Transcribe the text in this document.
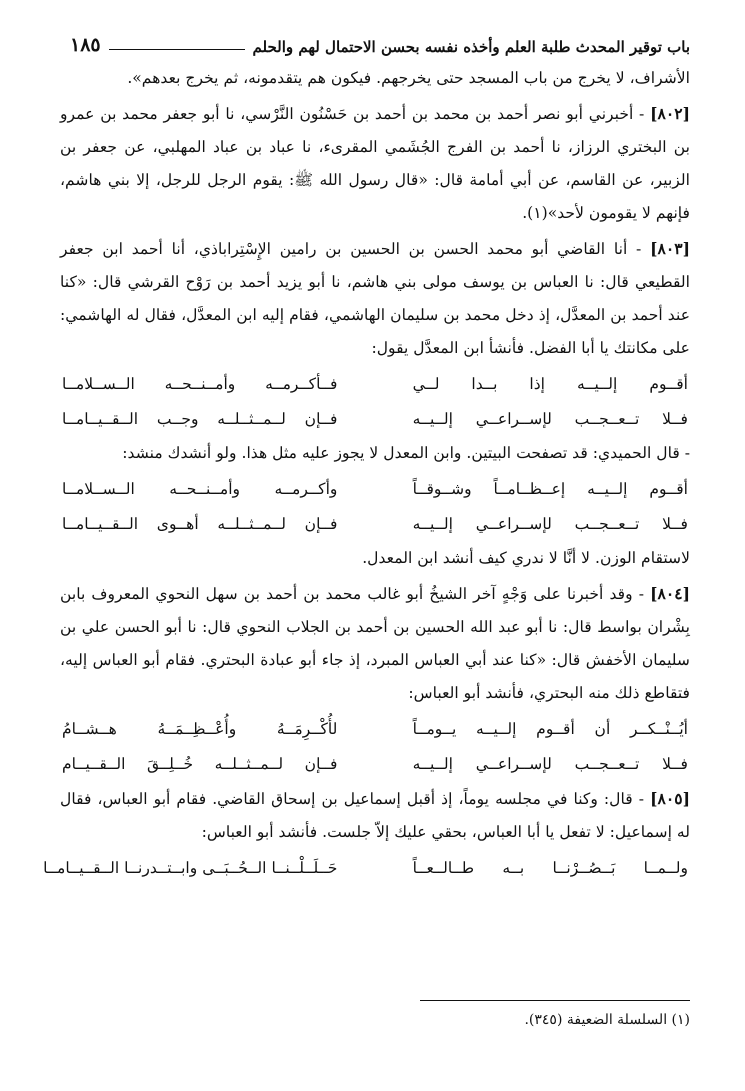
باب توقير المحدث طلبة العلم وأخذه نفسه بحسن الاحتمال لهم والحلم
١٨٥

الأشراف، لا يخرج من باب المسجد حتى يخرجهم. فيكون هم يتقدمونه، ثم يخرج بعدهم».

[٨٠٢] - أخبرني أبو نصر أحمد بن محمد بن أحمد بن حَسْنُون النَّرْسي، نا أبو جعفر محمد بن عمرو بن البختري الرزاز، نا أحمد بن الفرج الجُشَمي المقرىء، نا عباد بن عباد المهلبي، عن جعفر بن الزبير، عن القاسم، عن أبي أمامة قال: «قال رسول الله ﷺ: يقوم الرجل للرجل، إلا بني هاشم، فإنهم لا يقومون لأحد»(١).

[٨٠٣] - أنا القاضي أبو محمد الحسن بن الحسين بن رامين الإِسْتِراباذي، أنا أحمد ابن جعفر القطيعي قال: نا العباس بن يوسف مولى بني هاشم، نا أبو يزيد أحمد بن رَوْح القرشي قال: «كنا عند أحمد بن المعدَّل، إذ دخل محمد بن سليمان الهاشمي، فقام إليه ابن المعدَّل، فقال له الهاشمي: على مكانتك يا أبا الفضل. فأنشأ ابن المعدَّل يقول:

أقــوم إلــيــه إذا بــدا لــي
فــأكــرمــه وأمــنــحــه الــســلامــا
فــلا تــعــجــب لإســراعــي إلــيــه
فــإن لــمــثــلــه وجــب الــقــيــامــا

- قال الحميدي: قد تصفحت البيتين. وابن المعدل لا يجوز عليه مثل هذا. ولو أنشدك منشد:

أقــوم إلــيــه إعــظــامــاً وشــوقــاً
وأكــرمــه وأمــنــحــه الــســلامــا
فــلا تــعــجــب لإســراعــي إلــيــه
فــإن لــمــثــلــه أهــوى الــقــيــامــا

لاستقام الوزن. لا أنَّا لا ندري كيف أنشد ابن المعدل.

[٨٠٤] - وقد أخبرنا على وَجْهٍ آخر الشيخُ أبو غالب محمد بن أحمد بن سهل النحوي المعروف بابن بِشْران بواسط قال: نا أبو عبد الله الحسين بن أحمد بن الجلاب النحوي قال: نا أبو الحسن علي بن سليمان الأخفش قال: «كنا عند أبي العباس المبرد، إذ جاء أبو عبادة البحتري. فقام أبو العباس إليه، فتقاطع ذلك منه البحتري، فأنشد أبو العباس:

أيُــنْــكــر أن أقــوم إلــيــه يــومــاً
لأُكْــرِمَــهُ وأُعْــظِــمَــهُ هــشــامُ
فــلا تــعــجــب لإســراعــي إلــيــه
فــإن لــمــثــلــه خُــلِــقَ الــقــيــام

[٨٠٥] - قال: وكنا في مجلسه يوماً، إذ أقبل إسماعيل بن إسحاق القاضي. فقام أبو العباس، فقال له إسماعيل: لا تفعل يا أبا العباس، بحقي عليك إلاّ جلست. فأنشد أبو العباس:

ولــمــا بَــصُــرْنــا بــه طــالــعــاً
حَــلَــلْــنــا الــحُــبَــى وابــتــدرنــا الــقــيــامــا
(١) السلسلة الضعيفة (٣٤٥).
